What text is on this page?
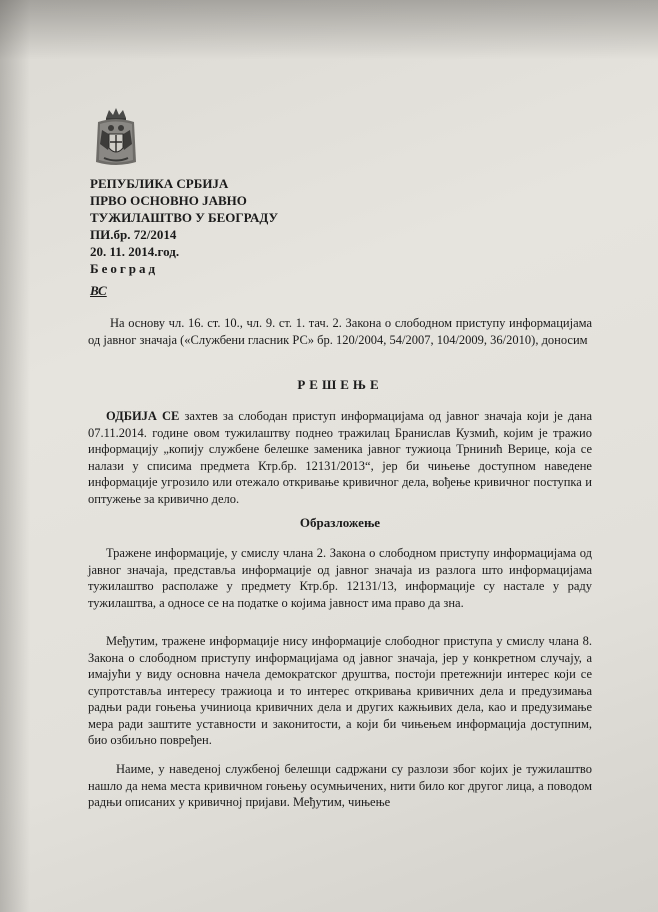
РЕПУБЛИКА СРБИЈА
ПРВО ОСНОВНО ЈАВНО
ТУЖИЛАШТВО У БЕОГРАДУ
ПИ.бр. 72/2014
20. 11. 2014.год.
Београд
ВС
На основу чл. 16. ст. 10., чл. 9. ст. 1. тач. 2. Закона о слободном приступу информацијама од јавног значаја («Службени гласник РС» бр. 120/2004, 54/2007, 104/2009, 36/2010), доносим
РЕШЕЊЕ
ОДБИЈА СЕ захтев за слободан приступ информацијама од јавног значаја који је дана 07.11.2014. године овом тужилаштву поднео тражилац Бранислав Кузмић, којим је тражио информацију „копију службене белешке заменика јавног тужиоца Трнинић Верице, која се налази у списима предмета Ктр.бр. 12131/2013“, јер би чињење доступном наведене информације угрозило или отежало откривање кривичног дела, вођење кривичног поступка и оптужење за кривично дело.
Образложење
Тражене информације, у смислу члана 2. Закона о слободном приступу информацијама од јавног значаја, представља информације од јавног значаја из разлога што информацијама тужилаштво располаже у предмету Ктр.бр. 12131/13, информације су настале у раду тужилаштва, а односе се на податке о којима јавност има право да зна.
Међутим, тражене информације нису информације слободног приступа у смислу члана 8. Закона о слободном приступу информацијама од јавног значаја, јер у конкретном случају, а имајући у виду основна начела демократског друштва, постоји претежнији интерес који се супротставља интересу тражиоца и то интерес откривања кривичних дела и предузимања радњи ради гоњења учиниоца кривичних дела и других кажњивих дела, као и предузимање мера ради заштите уставности и законитости, а који би чињењем информација доступним, био озбиљно повређен.
Наиме, у наведеној службеној белешци садржани су разлози због којих је тужилаштво нашло да нема места кривичном гоњењу осумњичених, нити било ког другог лица, а поводом радњи описаних у кривичној пријави. Међутим, чињење
